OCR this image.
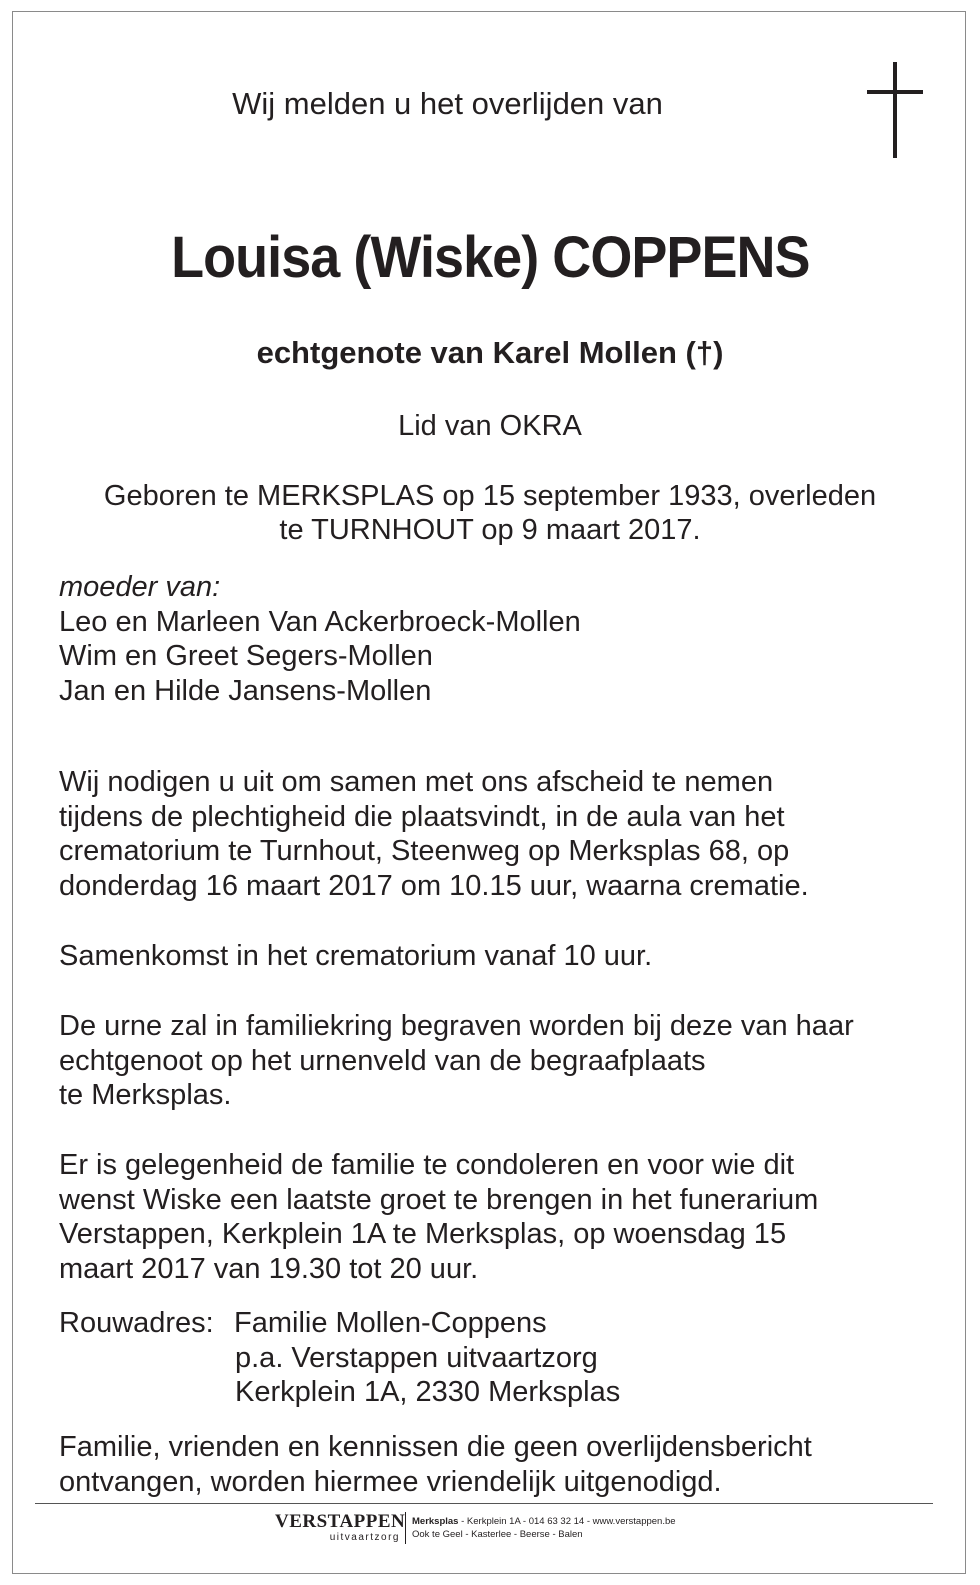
Wij melden u het overlijden van
Louisa (Wiske) COPPENS
echtgenote van Karel Mollen (†)
Lid van OKRA
Geboren te MERKSPLAS op 15 september 1933, overleden
te TURNHOUT op 9 maart 2017.
moeder van:
Leo en Marleen Van Ackerbroeck-Mollen
Wim en Greet Segers-Mollen
Jan en Hilde Jansens-Mollen
Wij nodigen u uit om samen met ons afscheid te nemen
tijdens de plechtigheid die plaatsvindt, in de aula van het
crematorium te Turnhout, Steenweg op Merksplas 68, op
donderdag 16 maart 2017 om 10.15 uur, waarna crematie.
Samenkomst in het crematorium vanaf 10 uur.
De urne zal in familiekring begraven worden bij deze van haar
echtgenoot op het urnenveld van de begraafplaats
te Merksplas.
Er is gelegenheid de familie te condoleren en voor wie dit
wenst Wiske een laatste groet te brengen in het funerarium
Verstappen, Kerkplein 1A te Merksplas, op woensdag 15
maart 2017 van 19.30 tot 20 uur.
Rouwadres: Familie Mollen-Coppens
p.a. Verstappen uitvaartzorg
Kerkplein 1A, 2330 Merksplas
Familie, vrienden en kennissen die geen overlijdensbericht
ontvangen, worden hiermee vriendelijk uitgenodigd.
VERSTAPPEN
uitvaartzorg
Merksplas - Kerkplein 1A - 014 63 32 14 - www.verstappen.be
Ook te Geel - Kasterlee - Beerse - Balen
